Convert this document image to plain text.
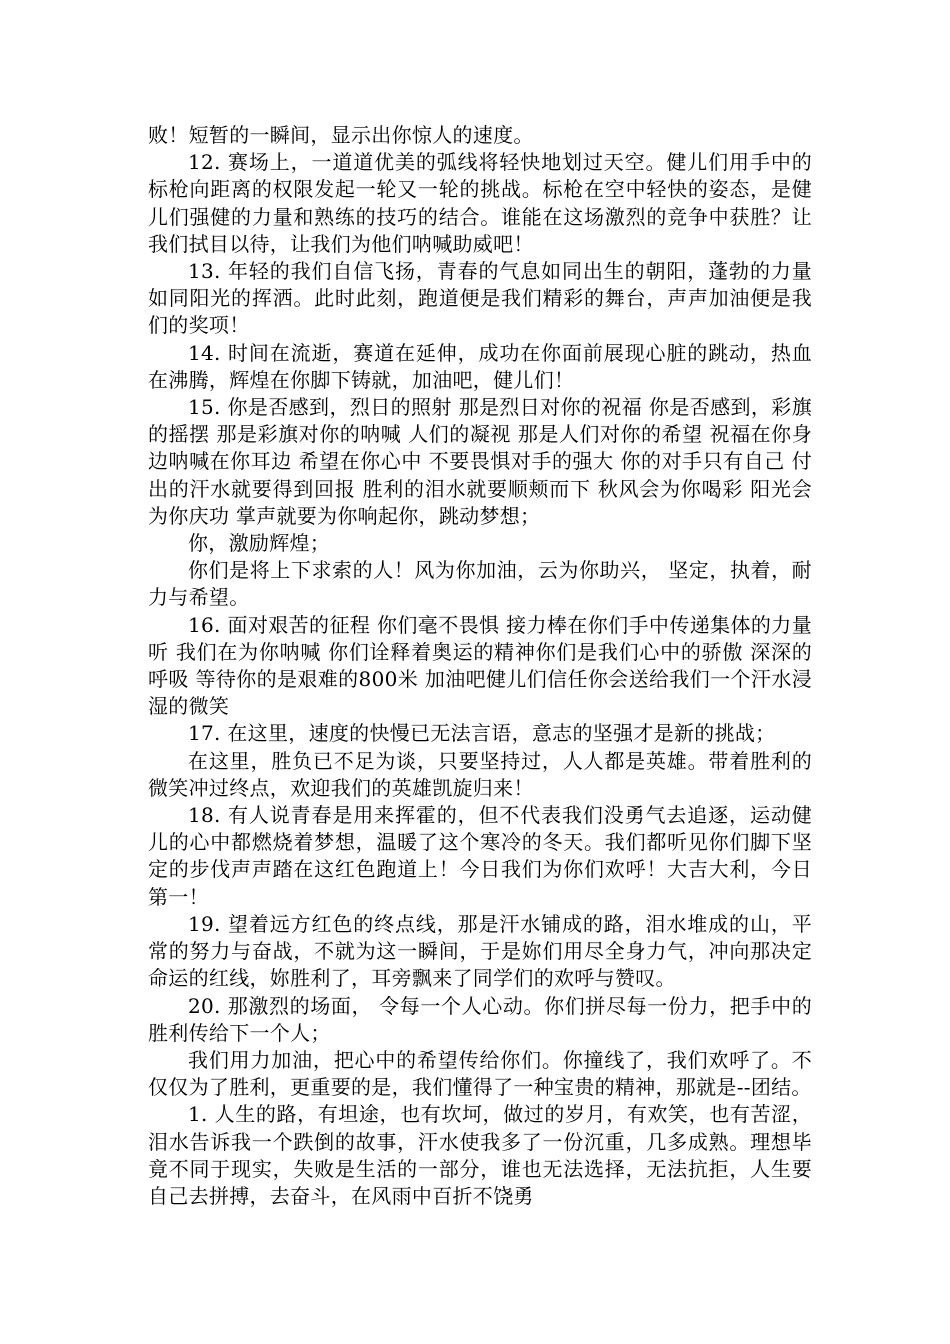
败！短暂的一瞬间，显示出你惊人的速度。

12. 赛场上，一道道优美的弧线将轻快地划过天空。健儿们用手中的标枪向距离的权限发起一轮又一轮的挑战。标枪在空中轻快的姿态，是健儿们强健的力量和熟练的技巧的结合。谁能在这场激烈的竞争中获胜？让我们拭目以待，让我们为他们呐喊助威吧！

13. 年轻的我们自信飞扬，青春的气息如同出生的朝阳，蓬勃的力量如同阳光的挥洒。此时此刻，跑道便是我们精彩的舞台，声声加油便是我们的奖项！

14. 时间在流逝，赛道在延伸，成功在你面前展现心脏的跳动，热血在沸腾，辉煌在你脚下铸就，加油吧，健儿们！

15. 你是否感到，烈日的照射 那是烈日对你的祝福 你是否感到，彩旗的摇摆 那是彩旗对你的呐喊 人们的凝视 那是人们对你的希望 祝福在你身边呐喊在你耳边 希望在你心中 不要畏惧对手的强大 你的对手只有自己 付出的汗水就要得到回报 胜利的泪水就要顺颊而下 秋风会为你喝彩 阳光会为你庆功 掌声就要为你响起你，跳动梦想；

你，激励辉煌；

你们是将上下求索的人！风为你加油，云为你助兴， 坚定，执着，耐力与希望。

16. 面对艰苦的征程 你们毫不畏惧 接力棒在你们手中传递集体的力量 听 我们在为你呐喊 你们诠释着奥运的精神你们是我们心中的骄傲 深深的呼吸 等待你的是艰难的800米 加油吧健儿们信任你会送给我们一个汗水浸湿的微笑

17. 在这里，速度的快慢已无法言语，意志的坚强才是新的挑战；

在这里，胜负已不足为谈，只要坚持过，人人都是英雄。带着胜利的微笑冲过终点，欢迎我们的英雄凯旋归来！

18. 有人说青春是用来挥霍的，但不代表我们没勇气去追逐，运动健儿的心中都燃烧着梦想，温暖了这个寒冷的冬天。我们都听见你们脚下坚定的步伐声声踏在这红色跑道上！今日我们为你们欢呼！大吉大利，今日第一！

19. 望着远方红色的终点线，那是汗水铺成的路，泪水堆成的山，平常的努力与奋战，不就为这一瞬间，于是妳们用尽全身力气，冲向那决定命运的红线，妳胜利了，耳旁飘来了同学们的欢呼与赞叹。

20. 那激烈的场面， 令每一个人心动。你们拼尽每一份力，把手中的胜利传给下一个人；

我们用力加油，把心中的希望传给你们。你撞线了，我们欢呼了。不仅仅为了胜利，更重要的是，我们懂得了一种宝贵的精神，那就是--团结。

1. 人生的路，有坦途，也有坎坷，做过的岁月，有欢笑，也有苦涩，泪水告诉我一个跌倒的故事，汗水使我多了一份沉重，几多成熟。理想毕竟不同于现实，失败是生活的一部分，谁也无法选择，无法抗拒，人生要自己去拼搏，去奋斗，在风雨中百折不饶勇
